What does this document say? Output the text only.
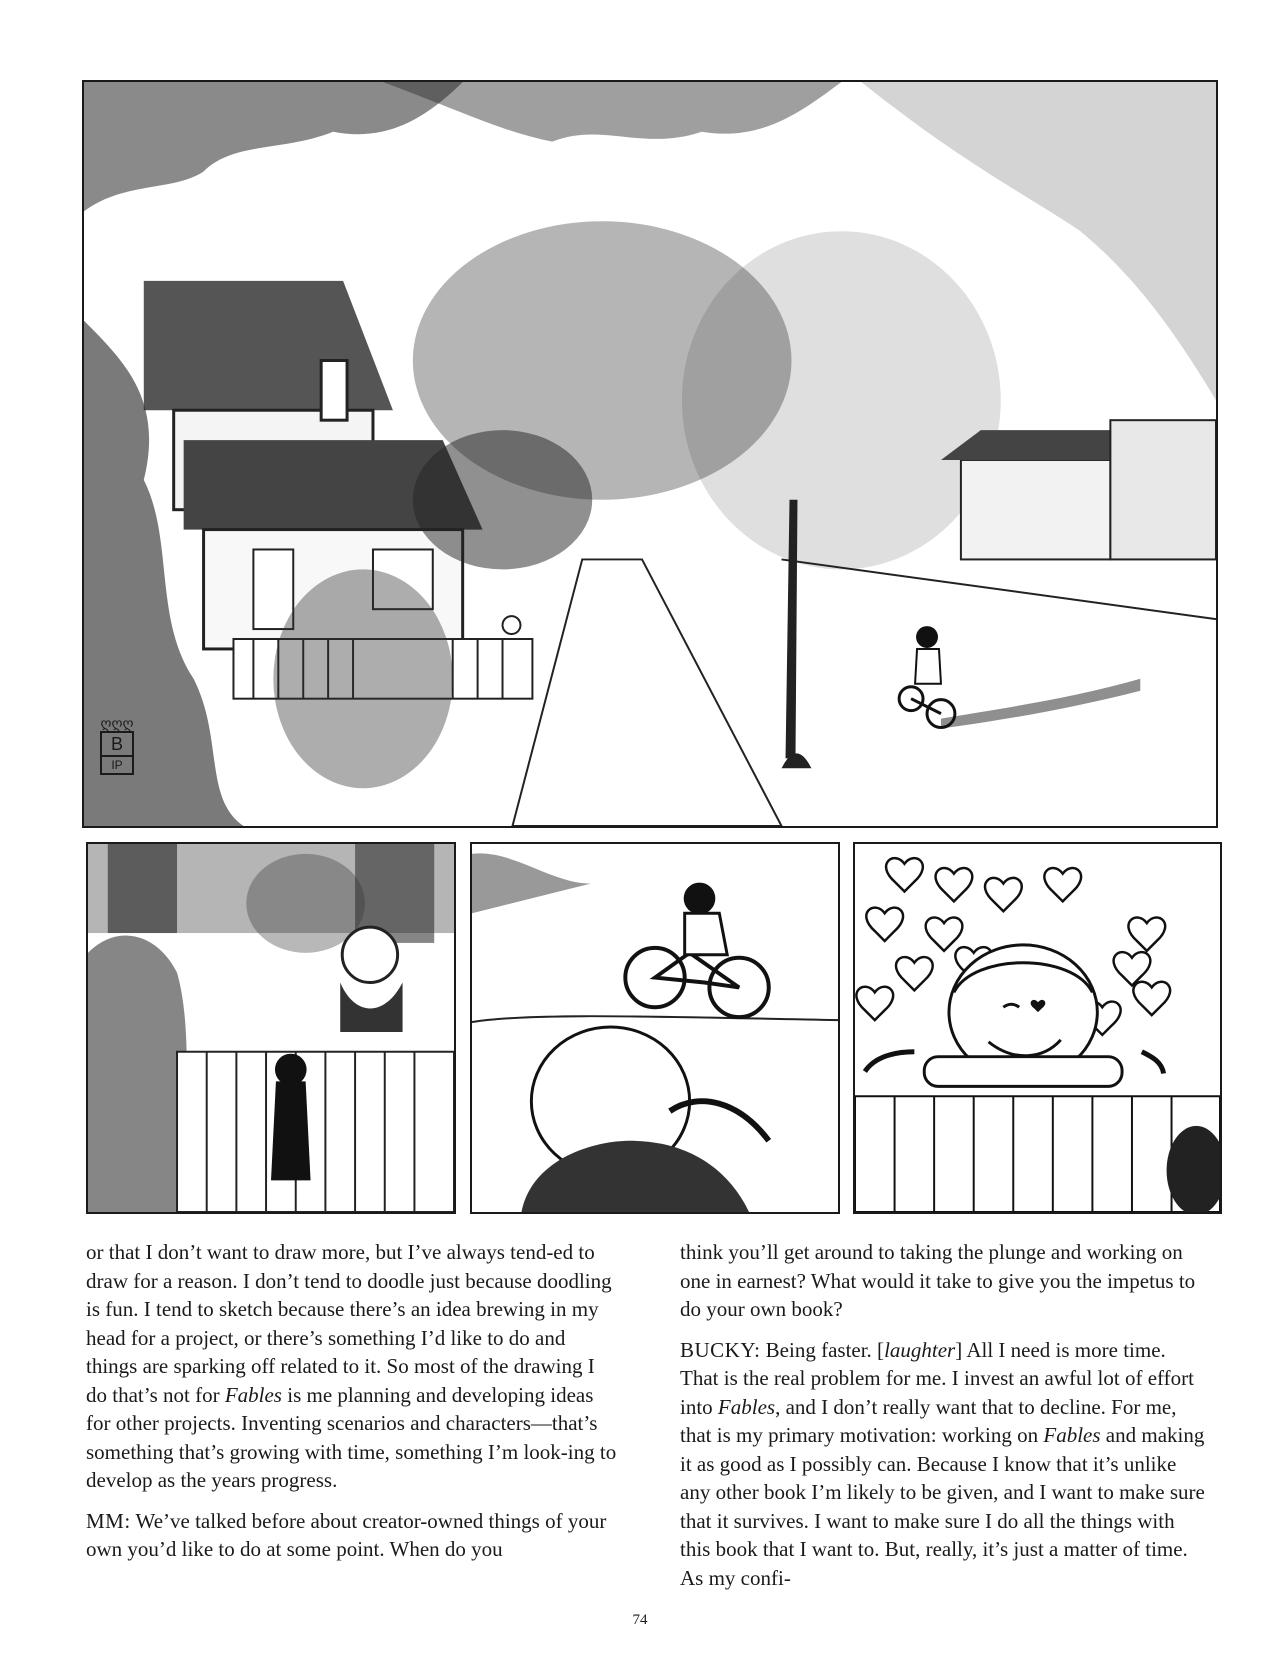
ღღღ
B
IP

or that I don’t want to draw more, but I’ve always tend-ed to draw for a reason. I don’t tend to doodle just because doodling is fun. I tend to sketch because there’s an idea brewing in my head for a project, or there’s something I’d like to do and things are sparking off related to it. So most of the drawing I do that’s not for Fables is me planning and developing ideas for other projects. Inventing scenarios and characters—that’s something that’s growing with time, something I’m look-ing to develop as the years progress.

MM: We’ve talked before about creator-owned things of your own you’d like to do at some point. When do you

think you’ll get around to taking the plunge and working on one in earnest? What would it take to give you the impetus to do your own book?

BUCKY: Being faster. [laughter] All I need is more time. That is the real problem for me. I invest an awful lot of effort into Fables, and I don’t really want that to decline. For me, that is my primary motivation: working on Fables and making it as good as I possibly can. Because I know that it’s unlike any other book I’m likely to be given, and I want to make sure that it survives. I want to make sure I do all the things with this book that I want to. But, really, it’s just a matter of time. As my confi-

74
